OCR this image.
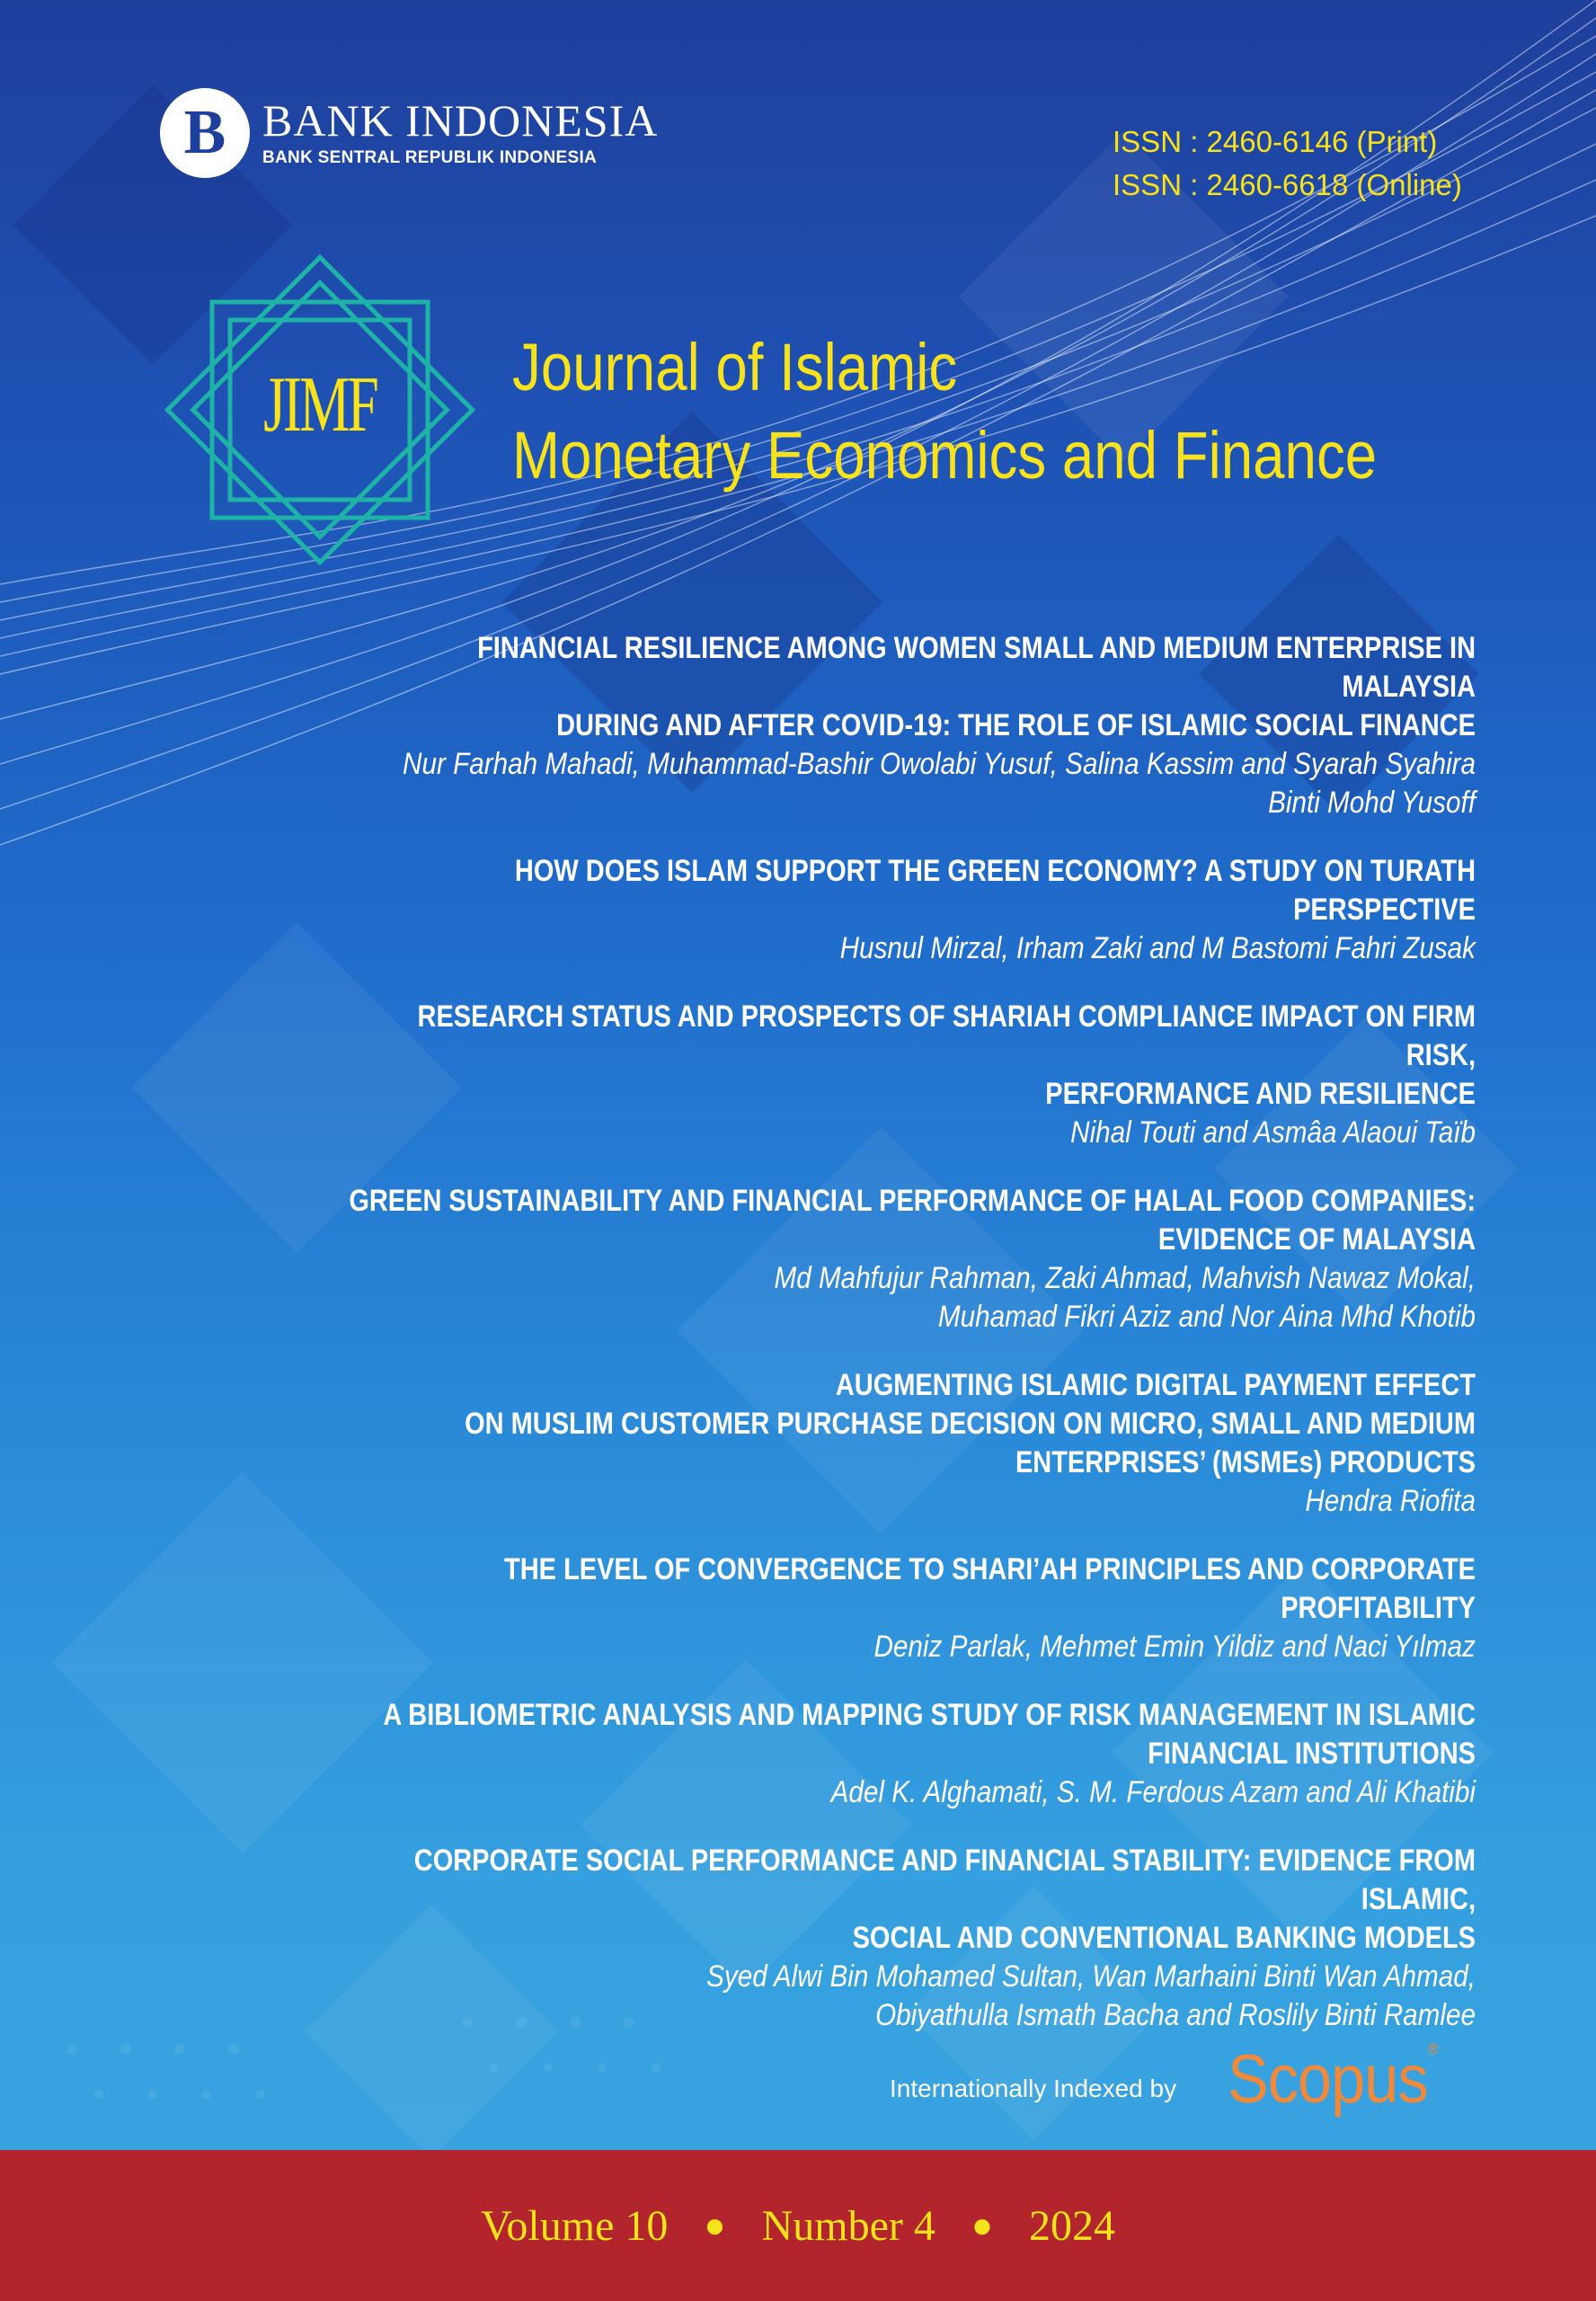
B BANK INDONESIA
BANK SENTRAL REPUBLIK INDONESIA	ISSN : 2460-6146 (Print)
ISSN : 2460-6618 (Online)
JIMF	Journal of Islamic
Monetary Economics and Finance
FINANCIAL RESILIENCE AMONG WOMEN SMALL AND MEDIUM ENTERPRISE IN MALAYSIA
DURING AND AFTER COVID-19: THE ROLE OF ISLAMIC SOCIAL FINANCE
Nur Farhah Mahadi, Muhammad-Bashir Owolabi Yusuf, Salina Kassim and Syarah Syahira
Binti Mohd Yusoff
HOW DOES ISLAM SUPPORT THE GREEN ECONOMY? A STUDY ON TURATH PERSPECTIVE
Husnul Mirzal, Irham Zaki and M Bastomi Fahri Zusak
RESEARCH STATUS AND PROSPECTS OF SHARIAH COMPLIANCE IMPACT ON FIRM RISK,
PERFORMANCE AND RESILIENCE
Nihal Touti and Asmâa Alaoui Taïb
GREEN SUSTAINABILITY AND FINANCIAL PERFORMANCE OF HALAL FOOD COMPANIES:
EVIDENCE OF MALAYSIA
Md Mahfujur Rahman, Zaki Ahmad, Mahvish Nawaz Mokal,
Muhamad Fikri Aziz and Nor Aina Mhd Khotib
AUGMENTING ISLAMIC DIGITAL PAYMENT EFFECT
ON MUSLIM CUSTOMER PURCHASE DECISION ON MICRO, SMALL AND MEDIUM
ENTERPRISES’ (MSMEs) PRODUCTS
Hendra Riofita
THE LEVEL OF CONVERGENCE TO SHARI’AH PRINCIPLES AND CORPORATE PROFITABILITY
Deniz Parlak, Mehmet Emin Yildiz and Naci Yılmaz
A BIBLIOMETRIC ANALYSIS AND MAPPING STUDY OF RISK MANAGEMENT IN ISLAMIC
FINANCIAL INSTITUTIONS
Adel K. Alghamati, S. M. Ferdous Azam and Ali Khatibi
CORPORATE SOCIAL PERFORMANCE AND FINANCIAL STABILITY: EVIDENCE FROM ISLAMIC,
SOCIAL AND CONVENTIONAL BANKING MODELS
Syed Alwi Bin Mohamed Sultan, Wan Marhaini Binti Wan Ahmad,
Obiyathulla Ismath Bacha and Roslily Binti Ramlee
Internationally Indexed by Scopus®
Volume 10 ● Number 4 ● 2024
